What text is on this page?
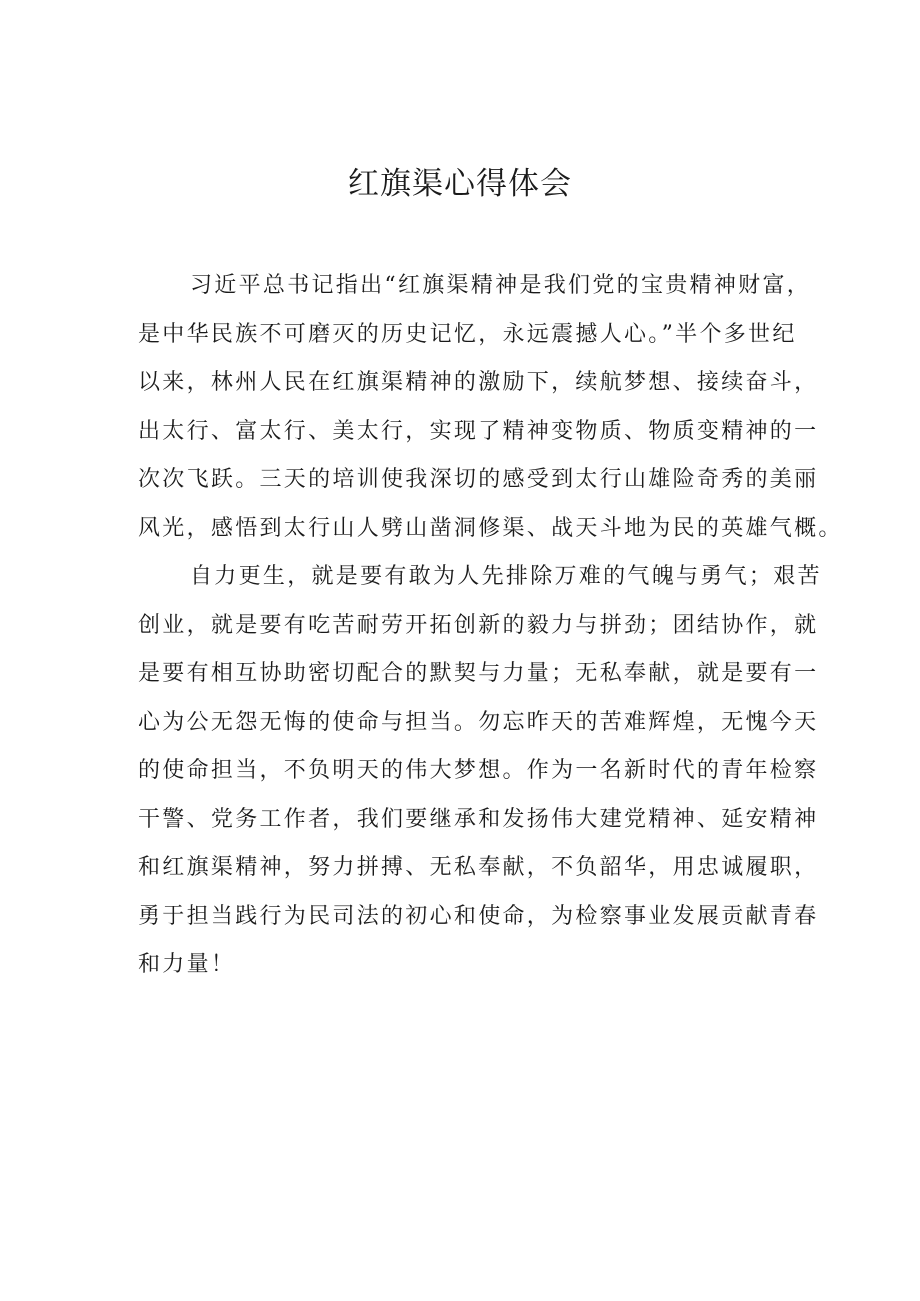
红旗渠心得体会
习近平总书记指出“红旗渠精神是我们党的宝贵精神财富，
是中华民族不可磨灭的历史记忆，永远震撼人心。”半个多世纪
以来，林州人民在红旗渠精神的激励下，续航梦想、接续奋斗，
出太行、富太行、美太行，实现了精神变物质、物质变精神的一
次次飞跃。三天的培训使我深切的感受到太行山雄险奇秀的美丽
风光，感悟到太行山人劈山凿洞修渠、战天斗地为民的英雄气概。
自力更生，就是要有敢为人先排除万难的气魄与勇气；艰苦
创业，就是要有吃苦耐劳开拓创新的毅力与拼劲；团结协作，就
是要有相互协助密切配合的默契与力量；无私奉献，就是要有一
心为公无怨无悔的使命与担当。勿忘昨天的苦难辉煌，无愧今天
的使命担当，不负明天的伟大梦想。作为一名新时代的青年检察
干警、党务工作者，我们要继承和发扬伟大建党精神、延安精神
和红旗渠精神，努力拼搏、无私奉献，不负韶华，用忠诚履职，
勇于担当践行为民司法的初心和使命，为检察事业发展贡献青春
和力量！
